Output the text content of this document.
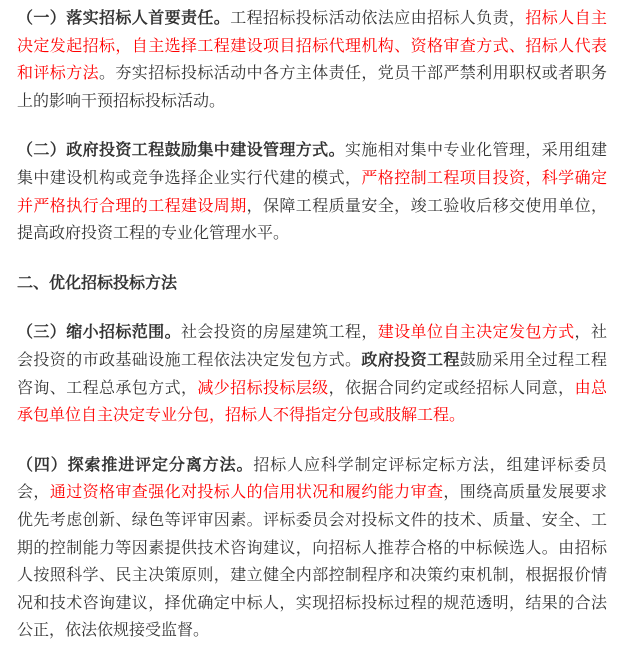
（一）落实招标人首要责任。工程招标投标活动依法应由招标人负责，招标人自主决定发起招标，自主选择工程建设项目招标代理机构、资格审查方式、招标人代表和评标方法。夯实招标投标活动中各方主体责任，党员干部严禁利用职权或者职务上的影响干预招标投标活动。

（二）政府投资工程鼓励集中建设管理方式。实施相对集中专业化管理，采用组建集中建设机构或竞争选择企业实行代建的模式，严格控制工程项目投资，科学确定并严格执行合理的工程建设周期，保障工程质量安全，竣工验收后移交使用单位，提高政府投资工程的专业化管理水平。

二、优化招标投标方法

（三）缩小招标范围。社会投资的房屋建筑工程，建设单位自主决定发包方式，社会投资的市政基础设施工程依法决定发包方式。政府投资工程鼓励采用全过程工程咨询、工程总承包方式，减少招标投标层级，依据合同约定或经招标人同意，由总承包单位自主决定专业分包，招标人不得指定分包或肢解工程。

（四）探索推进评定分离方法。招标人应科学制定评标定标方法，组建评标委员会，通过资格审查强化对投标人的信用状况和履约能力审查，围绕高质量发展要求优先考虑创新、绿色等评审因素。评标委员会对投标文件的技术、质量、安全、工期的控制能力等因素提供技术咨询建议，向招标人推荐合格的中标候选人。由招标人按照科学、民主决策原则，建立健全内部控制程序和决策约束机制，根据报价情况和技术咨询建议，择优确定中标人，实现招标投标过程的规范透明，结果的合法公正，依法依规接受监督。
